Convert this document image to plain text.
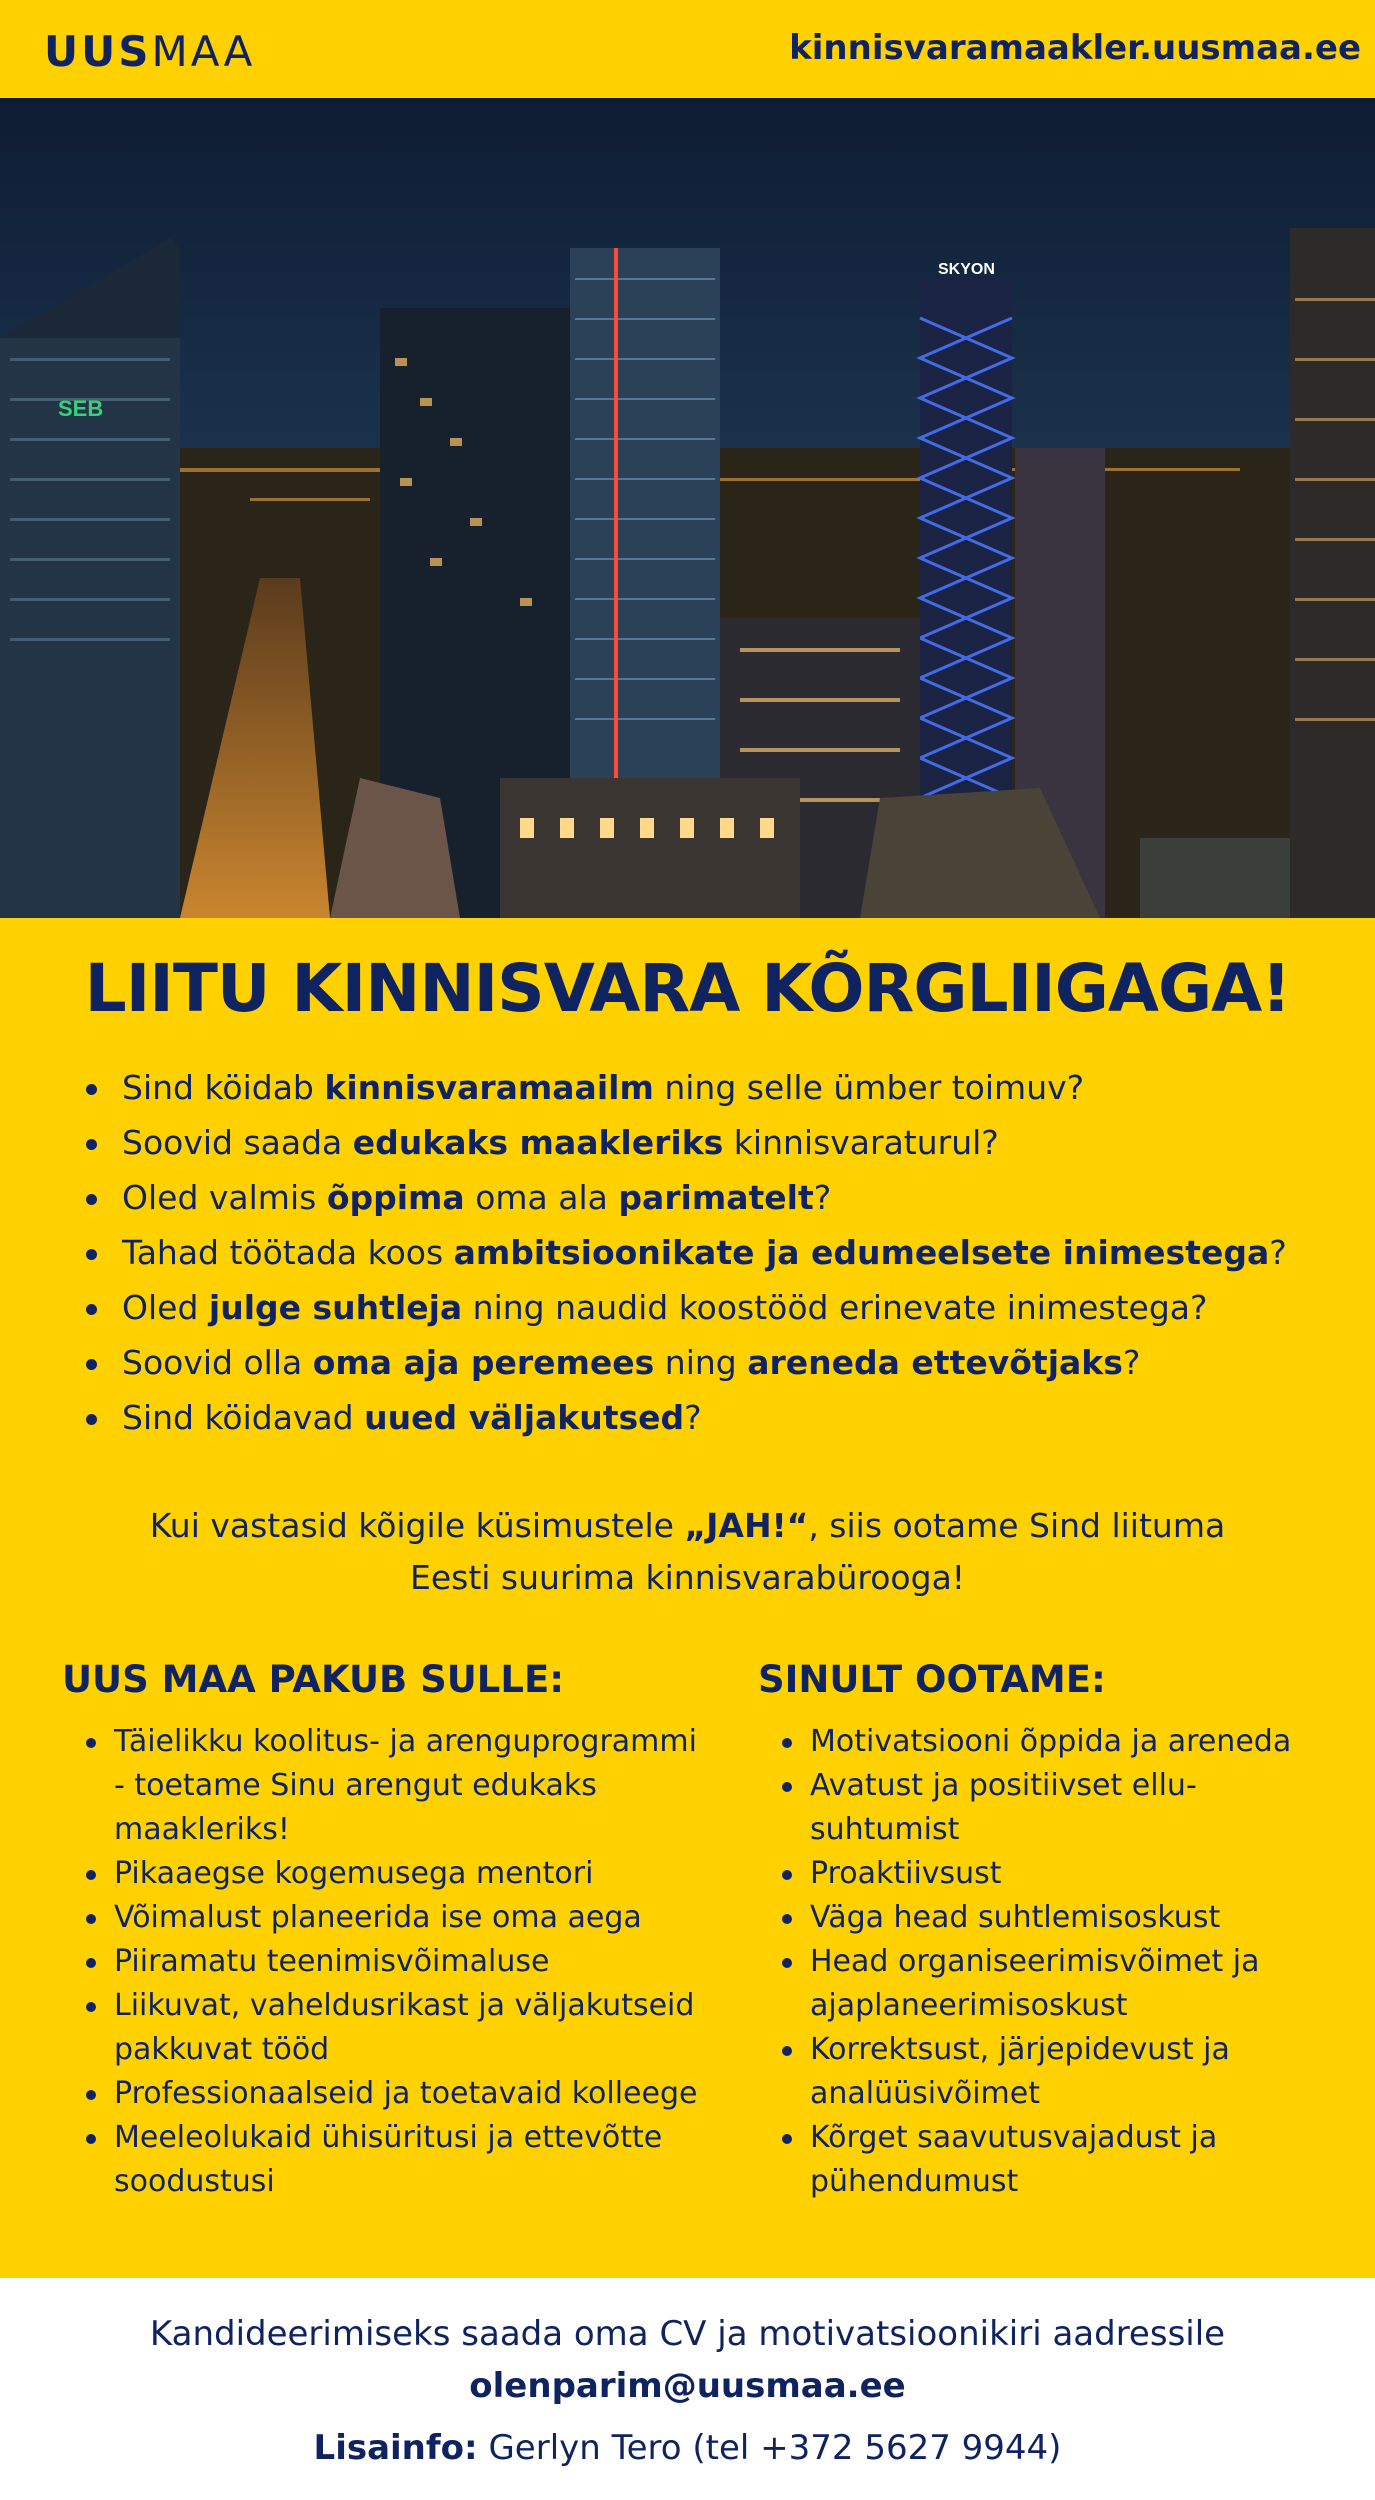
UUSMAA	kinnisvaramaakler.uusmaa.ee
SEB
SKYON
LIITU KINNISVARA KÕRGLIIGAGA!
Sind köidab kinnisvaramaailm ning selle ümber toimuv?
Soovid saada edukaks maakleriks kinnisvaraturul?
Oled valmis õppima oma ala parimatelt?
Tahad töötada koos ambitsioonikate ja edumeelsete inimestega?
Oled julge suhtleja ning naudid koostööd erinevate inimestega?
Soovid olla oma aja peremees ning areneda ettevõtjaks?
Sind köidavad uued väljakutsed?
Kui vastasid kõigile küsimustele „JAH!“, siis ootame Sind liituma
Eesti suurima kinnisvarabürooga!
UUS MAA PAKUB SULLE:
Täielikku koolitus- ja arenguprogrammi - toetame Sinu arengut edukaks maakleriks!
Pikaaegse kogemusega mentori
Võimalust planeerida ise oma aega
Piiramatu teenimisvõimaluse
Liikuvat, vaheldusrikast ja väljakutseid pakkuvat tööd
Professionaalseid ja toetavaid kolleege
Meeleolukaid ühisüritusi ja ettevõtte soodustusi
SINULT OOTAME:
Motivatsiooni õppida ja areneda
Avatust ja positiivset ellu-suhtumist
Proaktiivsust
Väga head suhtlemisoskust
Head organiseerimisvõimet ja ajaplaneerimisoskust
Korrektsust, järjepidevust ja analüüsivõimet
Kõrget saavutusvajadust ja pühendumust
Kandideerimiseks saada oma CV ja motivatsioonikiri aadressile
olenparim@uusmaa.ee
Lisainfo: Gerlyn Tero (tel +372 5627 9944)
